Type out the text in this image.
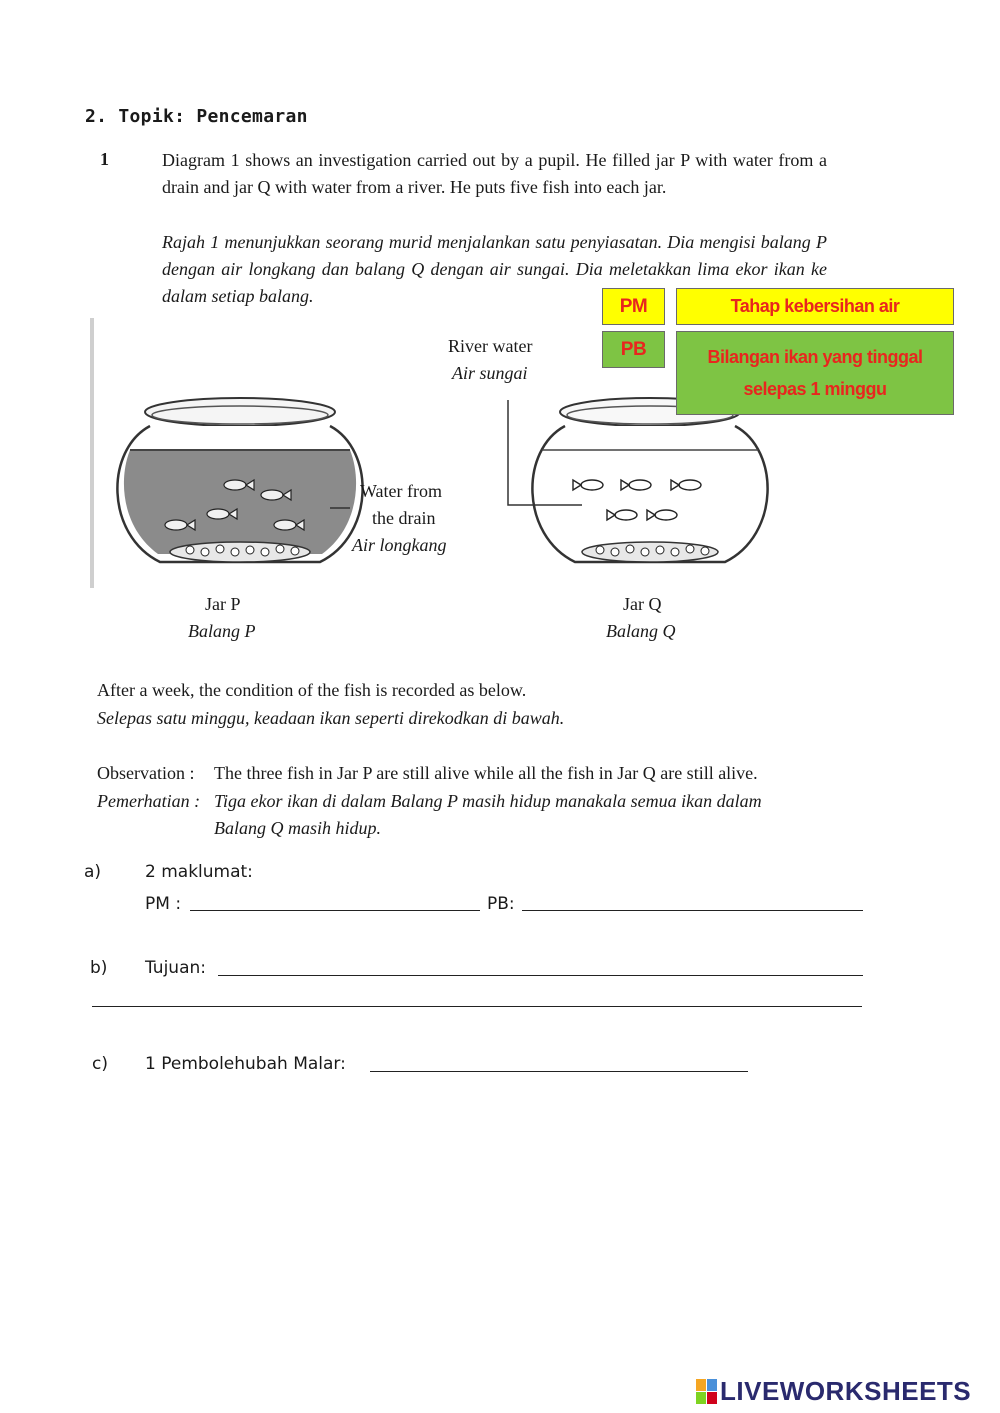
2. Topik: Pencemaran
1	Diagram 1 shows an investigation carried out by a pupil. He filled jar P with water from a drain and jar Q with water from a river. He puts five fish into each jar.
Rajah 1 menunjukkan seorang murid menjalankan satu penyiasatan. Dia mengisi balang P dengan air longkang dan balang Q dengan air sungai. Dia meletakkan lima ekor ikan ke dalam setiap balang.
River water
Air sungai
Water from
the drain
Air longkang
Jar P
Balang P
Jar Q
Balang Q
PM	Tahap kebersihan air
PB	Bilangan ikan yang tinggal
selepas 1 minggu
After a week, the condition of the fish is recorded as below.
Selepas satu minggu, keadaan ikan seperti direkodkan di bawah.
Observation :
Pemerhatian :
The three fish in Jar P are still alive while all the fish in Jar Q are still alive.
Tiga ekor ikan di dalam Balang P masih hidup manakala semua ikan dalam
Balang Q masih hidup.
a)	2 maklumat:
PM :	PB:
b) Tujuan:
c) 1 Pembolehubah Malar:
LIVEWORKSHEETS
